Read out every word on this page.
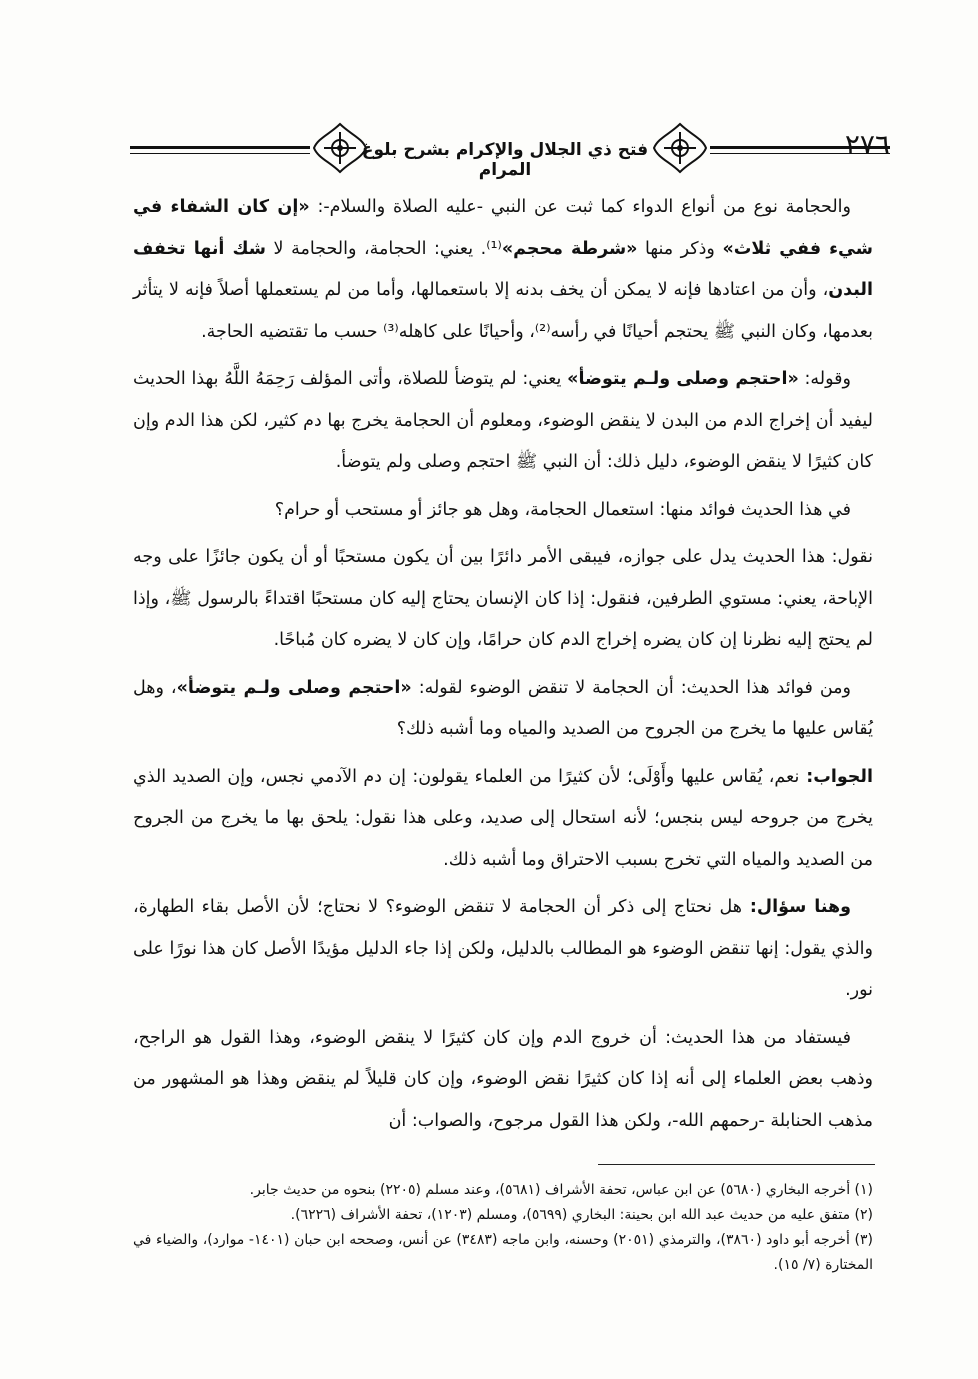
فتح ذي الجلال والإكرام بشرح بلوغ المرام
٢٧٦

والحجامة نوع من أنواع الدواء كما ثبت عن النبي -عليه الصلاة والسلام-: «إن كان الشفاء في شيء ففي ثلاث» وذكر منها «شرطة محجم»⁽¹⁾. يعني: الحجامة، والحجامة لا شك أنها تخفف البدن، وأن من اعتادها فإنه لا يمكن أن يخف بدنه إلا باستعمالها، وأما من لم يستعملها أصلاً فإنه لا يتأثر بعدمها، وكان النبي ﷺ يحتجم أحيانًا في رأسه⁽²⁾، وأحيانًا على كاهله⁽³⁾ حسب ما تقتضيه الحاجة.

وقوله: «احتجم وصلى ولـم يتوضأ» يعني: لم يتوضأ للصلاة، وأتى المؤلف رَحِمَهُ اللَّهُ بهذا الحديث ليفيد أن إخراج الدم من البدن لا ينقض الوضوء، ومعلوم أن الحجامة يخرج بها دم كثير، لكن هذا الدم وإن كان كثيرًا لا ينقض الوضوء، دليل ذلك: أن النبي ﷺ احتجم وصلى ولم يتوضأ.

في هذا الحديث فوائد منها: استعمال الحجامة، وهل هو جائز أو مستحب أو حرام؟

نقول: هذا الحديث يدل على جوازه، فيبقى الأمر دائرًا بين أن يكون مستحبًا أو أن يكون جائزًا على وجه الإباحة، يعني: مستوي الطرفين، فنقول: إذا كان الإنسان يحتاج إليه كان مستحبًا اقتداءً بالرسول ﷺ، وإذا لم يحتج إليه نظرنا إن كان يضره إخراج الدم كان حرامًا، وإن كان لا يضره كان مُباحًا.

ومن فوائد هذا الحديث: أن الحجامة لا تنقض الوضوء لقوله: «احتجم وصلى ولـم يتوضأ»، وهل يُقاس عليها ما يخرج من الجروح من الصديد والمياه وما أشبه ذلك؟

الجواب: نعم، يُقاس عليها وأَوْلَى؛ لأن كثيرًا من العلماء يقولون: إن دم الآدمي نجس، وإن الصديد الذي يخرج من جروحه ليس بنجس؛ لأنه استحال إلى صديد، وعلى هذا نقول: يلحق بها ما يخرج من الجروح من الصديد والمياه التي تخرج بسبب الاحتراق وما أشبه ذلك.

وهنا سؤال: هل نحتاج إلى ذكر أن الحجامة لا تنقض الوضوء؟ لا نحتاج؛ لأن الأصل بقاء الطهارة، والذي يقول: إنها تنقض الوضوء هو المطالب بالدليل، ولكن إذا جاء الدليل مؤيدًا الأصل كان هذا نورًا على نور.

فيستفاد من هذا الحديث: أن خروج الدم وإن كان كثيرًا لا ينقض الوضوء، وهذا القول هو الراجح، وذهب بعض العلماء إلى أنه إذا كان كثيرًا نقض الوضوء، وإن كان قليلاً لم ينقض وهذا هو المشهور من مذهب الحنابلة -رحمهم الله-، ولكن هذا القول مرجوح، والصواب: أن

(١) أخرجه البخاري (٥٦٨٠) عن ابن عباس، تحفة الأشراف (٥٦٨١)، وعند مسلم (٢٢٠٥) بنحوه من حديث جابر.

(٢) متفق عليه من حديث عبد الله ابن بحينة: البخاري (٥٦٩٩)، ومسلم (١٢٠٣)، تحفة الأشراف (٦٢٢٦).

(٣) أخرجه أبو داود (٣٨٦٠)، والترمذي (٢٠٥١) وحسنه، وابن ماجه (٣٤٨٣) عن أنس، وصححه ابن حبان (١٤٠١- موارد)، والضياء في المختارة (٧/ ١٥).
